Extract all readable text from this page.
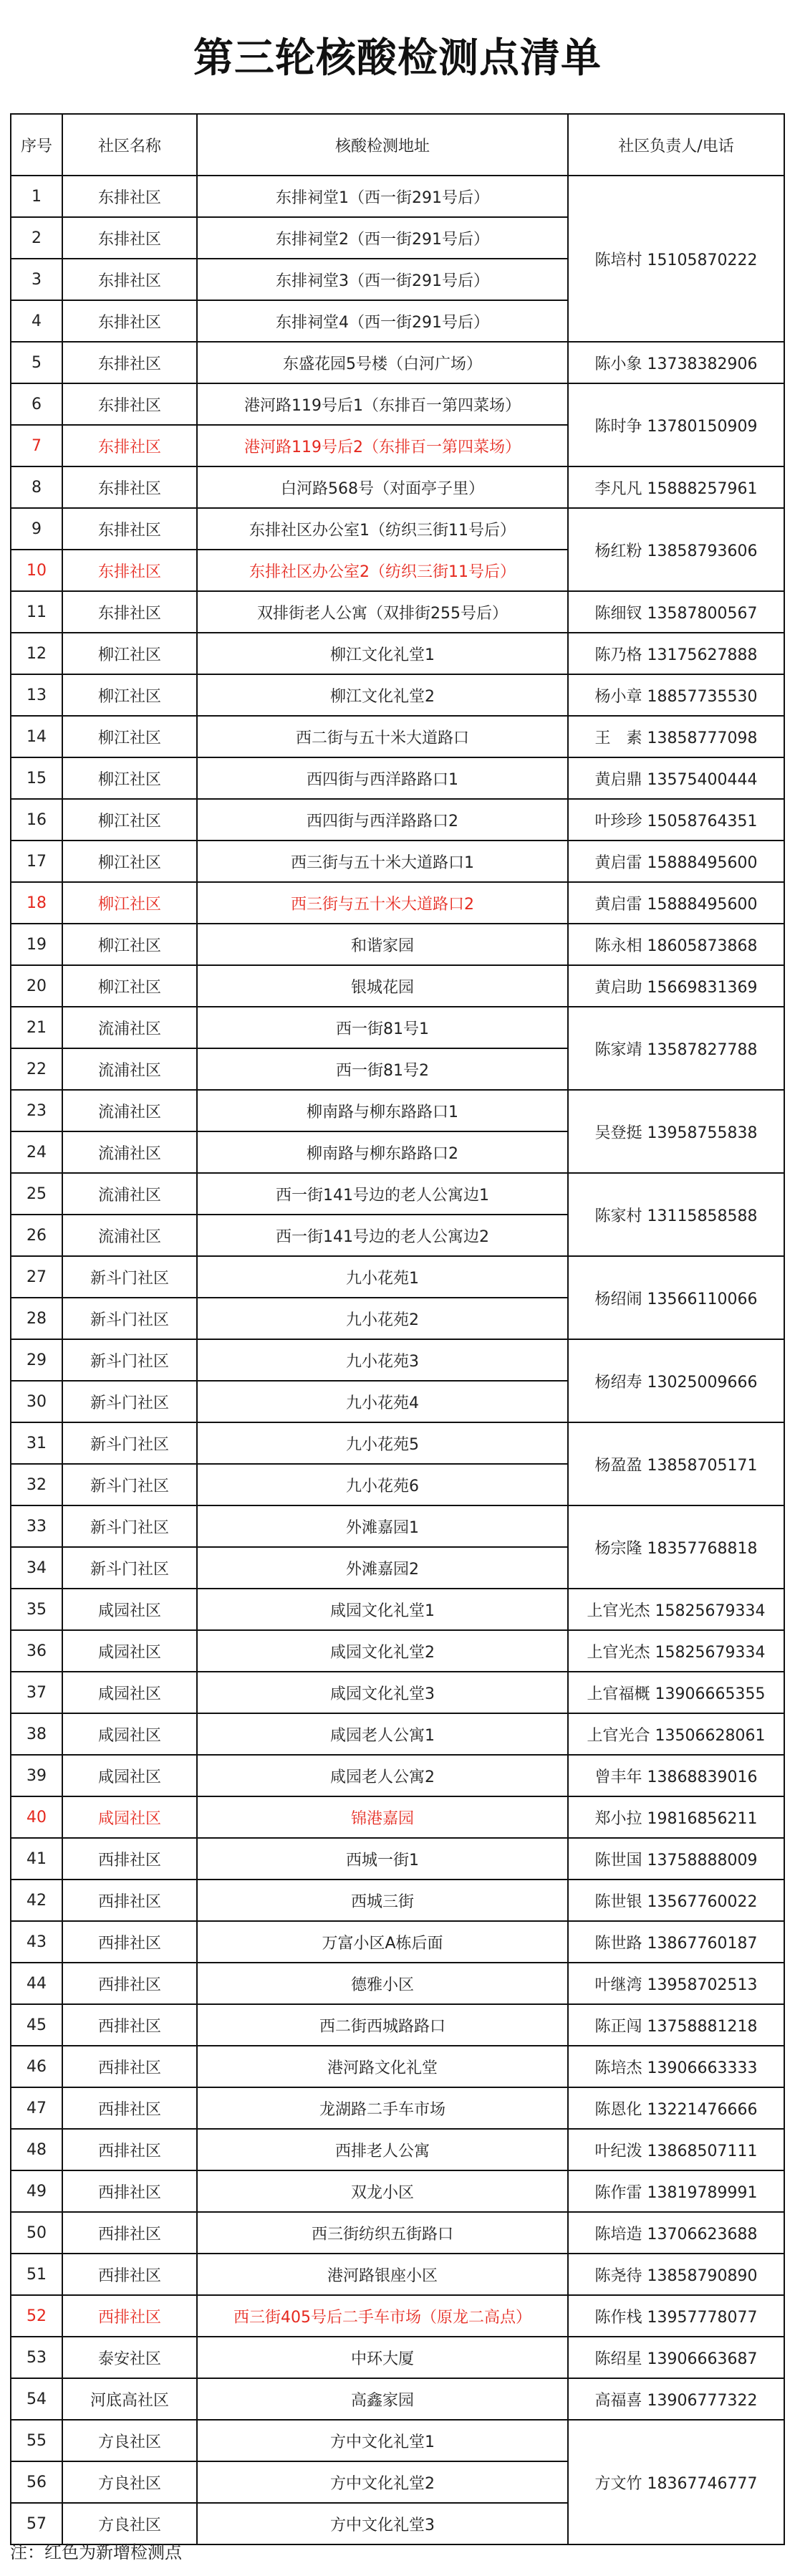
第三轮核酸检测点清单
序号	社区名称	核酸检测地址	社区负责人/电话
1	东排社区	东排祠堂1（西一街291号后）	陈培村 15105870222
2	东排社区	东排祠堂2（西一街291号后）	
3	东排社区	东排祠堂3（西一街291号后）	
4	东排社区	东排祠堂4（西一街291号后）	
5	东排社区	东盛花园5号楼（白河广场）	陈小象 13738382906
6	东排社区	港河路119号后1（东排百一第四菜场）	陈时争 13780150909
7	东排社区	港河路119号后2（东排百一第四菜场）	
8	东排社区	白河路568号（对面亭子里）	李凡凡 15888257961
9	东排社区	东排社区办公室1（纺织三街11号后）	杨红粉 13858793606
10	东排社区	东排社区办公室2（纺织三街11号后）	
11	东排社区	双排街老人公寓（双排街255号后）	陈细钗 13587800567
12	柳江社区	柳江文化礼堂1	陈乃格 13175627888
13	柳江社区	柳江文化礼堂2	杨小章 18857735530
14	柳江社区	西二街与五十米大道路口	王　素 13858777098
15	柳江社区	西四街与西洋路路口1	黄启鼎 13575400444
16	柳江社区	西四街与西洋路路口2	叶珍珍 15058764351
17	柳江社区	西三街与五十米大道路口1	黄启雷 15888495600
18	柳江社区	西三街与五十米大道路口2	黄启雷 15888495600
19	柳江社区	和谐家园	陈永相 18605873868
20	柳江社区	银城花园	黄启助 15669831369
21	流浦社区	西一街81号1	陈家靖 13587827788
22	流浦社区	西一街81号2	
23	流浦社区	柳南路与柳东路路口1	吴登挺 13958755838
24	流浦社区	柳南路与柳东路路口2	
25	流浦社区	西一街141号边的老人公寓边1	陈家村 13115858588
26	流浦社区	西一街141号边的老人公寓边2	
27	新斗门社区	九小花苑1	杨绍闹 13566110066
28	新斗门社区	九小花苑2	
29	新斗门社区	九小花苑3	杨绍寿 13025009666
30	新斗门社区	九小花苑4	
31	新斗门社区	九小花苑5	杨盈盈 13858705171
32	新斗门社区	九小花苑6	
33	新斗门社区	外滩嘉园1	杨宗隆 18357768818
34	新斗门社区	外滩嘉园2	
35	咸园社区	咸园文化礼堂1	上官光杰 15825679334
36	咸园社区	咸园文化礼堂2	上官光杰 15825679334
37	咸园社区	咸园文化礼堂3	上官福概 13906665355
38	咸园社区	咸园老人公寓1	上官光合 13506628061
39	咸园社区	咸园老人公寓2	曾丰年 13868839016
40	咸园社区	锦港嘉园	郑小拉 19816856211
41	西排社区	西城一街1	陈世国 13758888009
42	西排社区	西城三街	陈世银 13567760022
43	西排社区	万富小区A栋后面	陈世路 13867760187
44	西排社区	德雅小区	叶继湾 13958702513
45	西排社区	西二街西城路路口	陈正闯 13758881218
46	西排社区	港河路文化礼堂	陈培杰 13906663333
47	西排社区	龙湖路二手车市场	陈恩化 13221476666
48	西排社区	西排老人公寓	叶纪泼 13868507111
49	西排社区	双龙小区	陈作雷 13819789991
50	西排社区	西三街纺织五街路口	陈培造 13706623688
51	西排社区	港河路银座小区	陈尧待 13858790890
52	西排社区	西三街405号后二手车市场（原龙二高点）	陈作栈 13957778077
53	泰安社区	中环大厦	陈绍星 13906663687
54	河底高社区	高鑫家园	高福喜 13906777322
55	方良社区	方中文化礼堂1	方文竹 18367746777
56	方良社区	方中文化礼堂2	
57	方良社区	方中文化礼堂3	
注：红色为新增检测点
